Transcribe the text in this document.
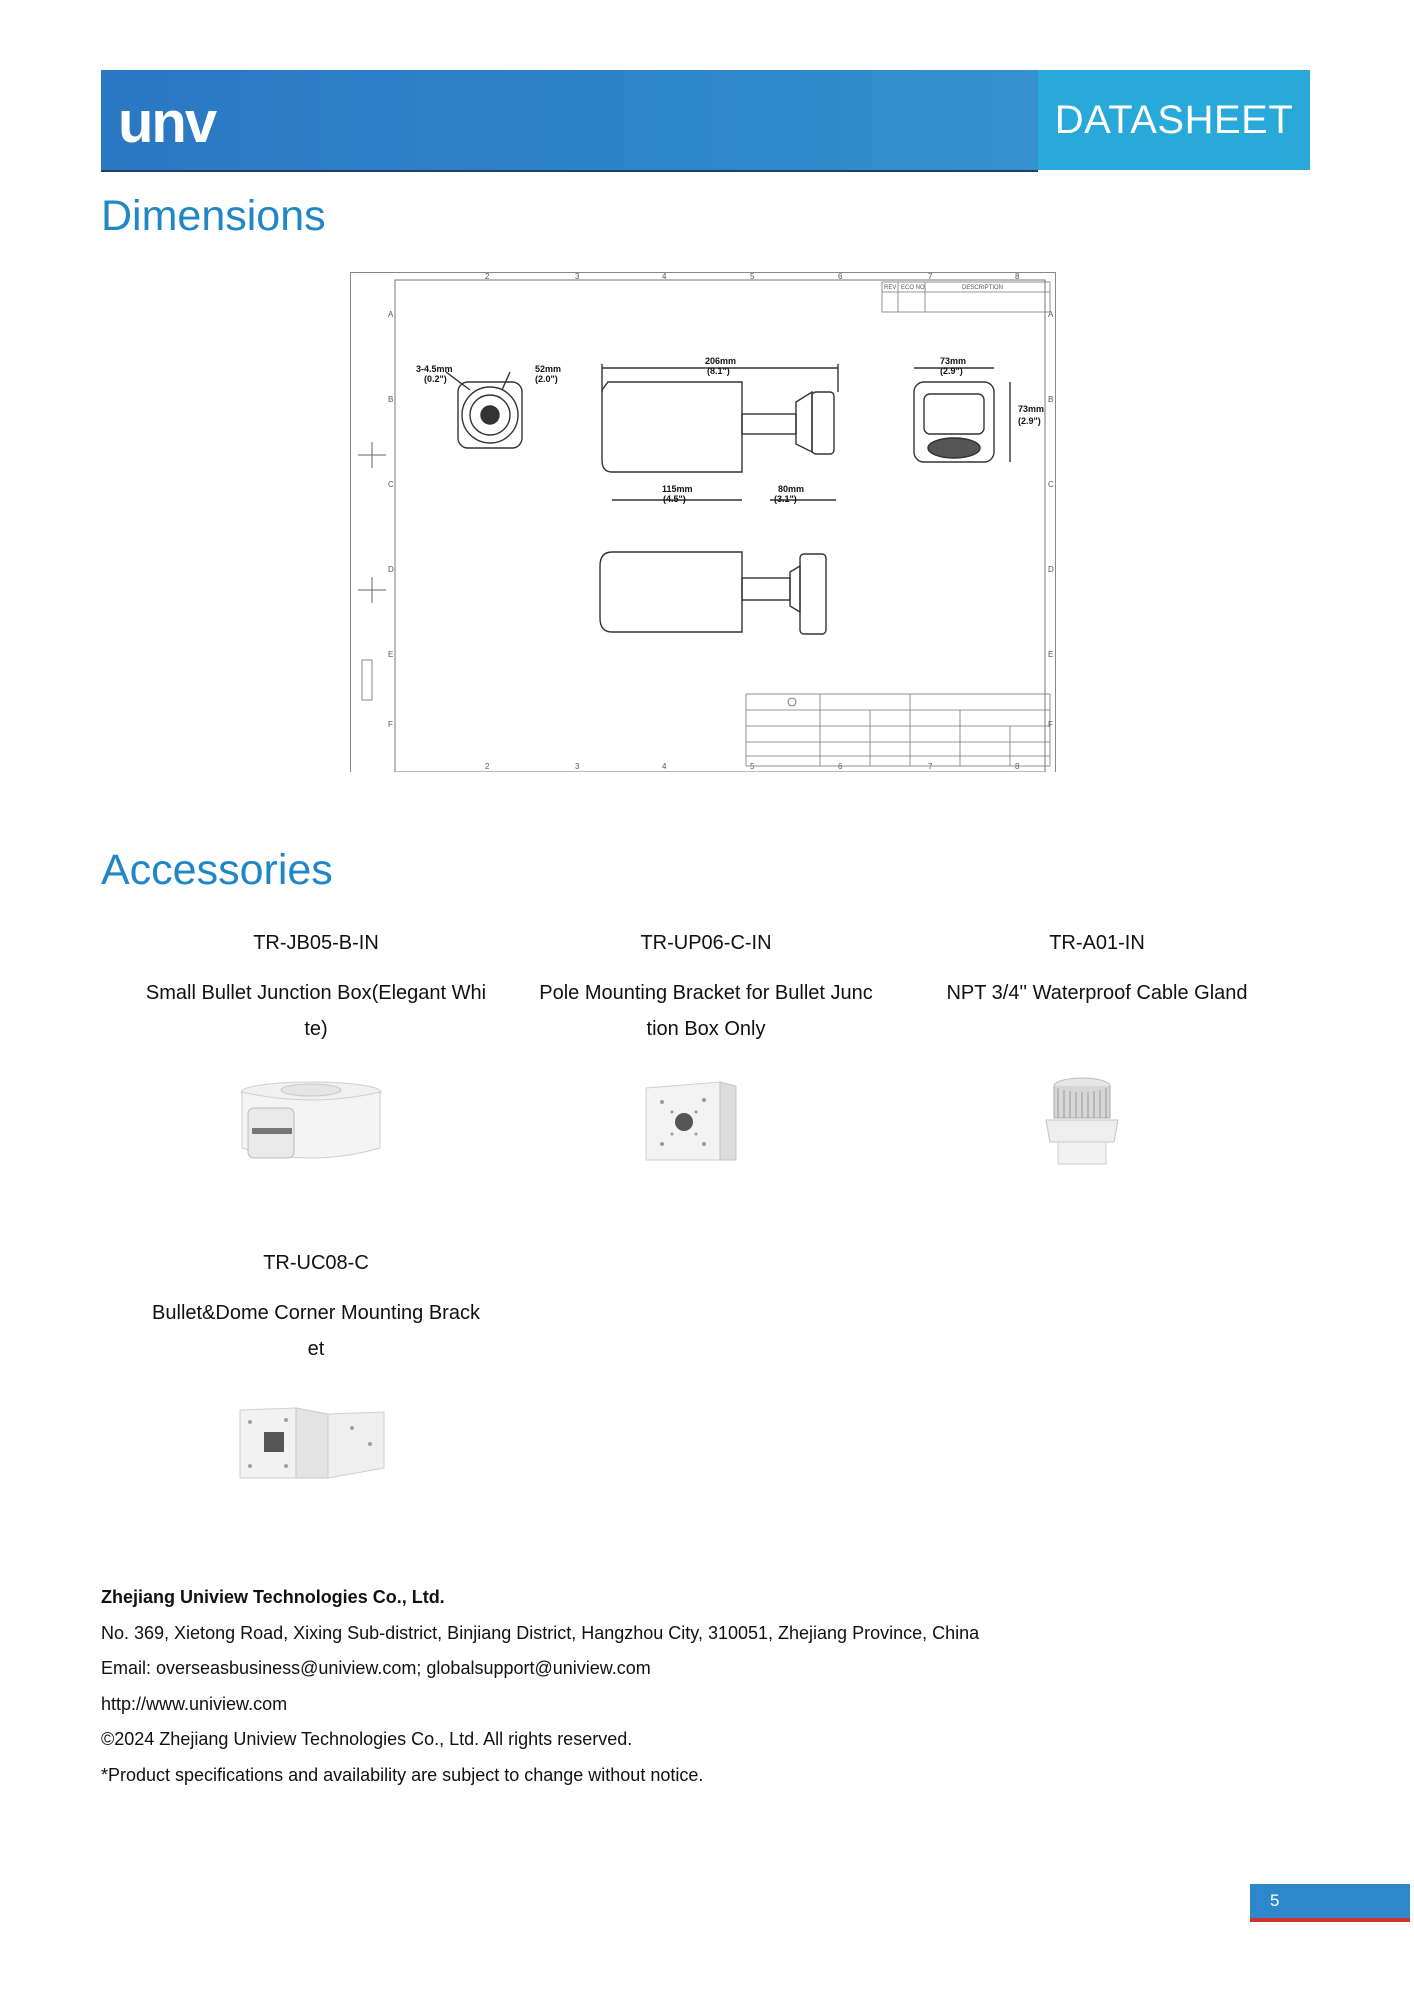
unv	DATASHEET
Dimensions
2	3	4	5	6	7	8
2	3	4	5	6	7	8
A
B
C
D
E
F
A
B
C
D
E
F
REV ECO NO.	DESCRIPTION
3-4.5mm
(0.2")
52mm
(2.0")
206mm
(8.1")
115mm
(4.5")
80mm
(3.1")
73mm
(2.9")
73mm
(2.9")
Accessories
TR-JB05-B-IN
Small Bullet Junction Box(Elegant Whi
te)
TR-UP06-C-IN
Pole Mounting Bracket for Bullet Junc
tion Box Only
TR-A01-IN
NPT 3/4'' Waterproof Cable Gland
TR-UC08-C
Bullet&Dome Corner Mounting Brack
et
Zhejiang Uniview Technologies Co., Ltd.
No. 369, Xietong Road, Xixing Sub-district, Binjiang District, Hangzhou City, 310051, Zhejiang Province, China
Email: overseasbusiness@uniview.com; globalsupport@uniview.com
http://www.uniview.com
©2024 Zhejiang Uniview Technologies Co., Ltd. All rights reserved.
*Product specifications and availability are subject to change without notice.
5
